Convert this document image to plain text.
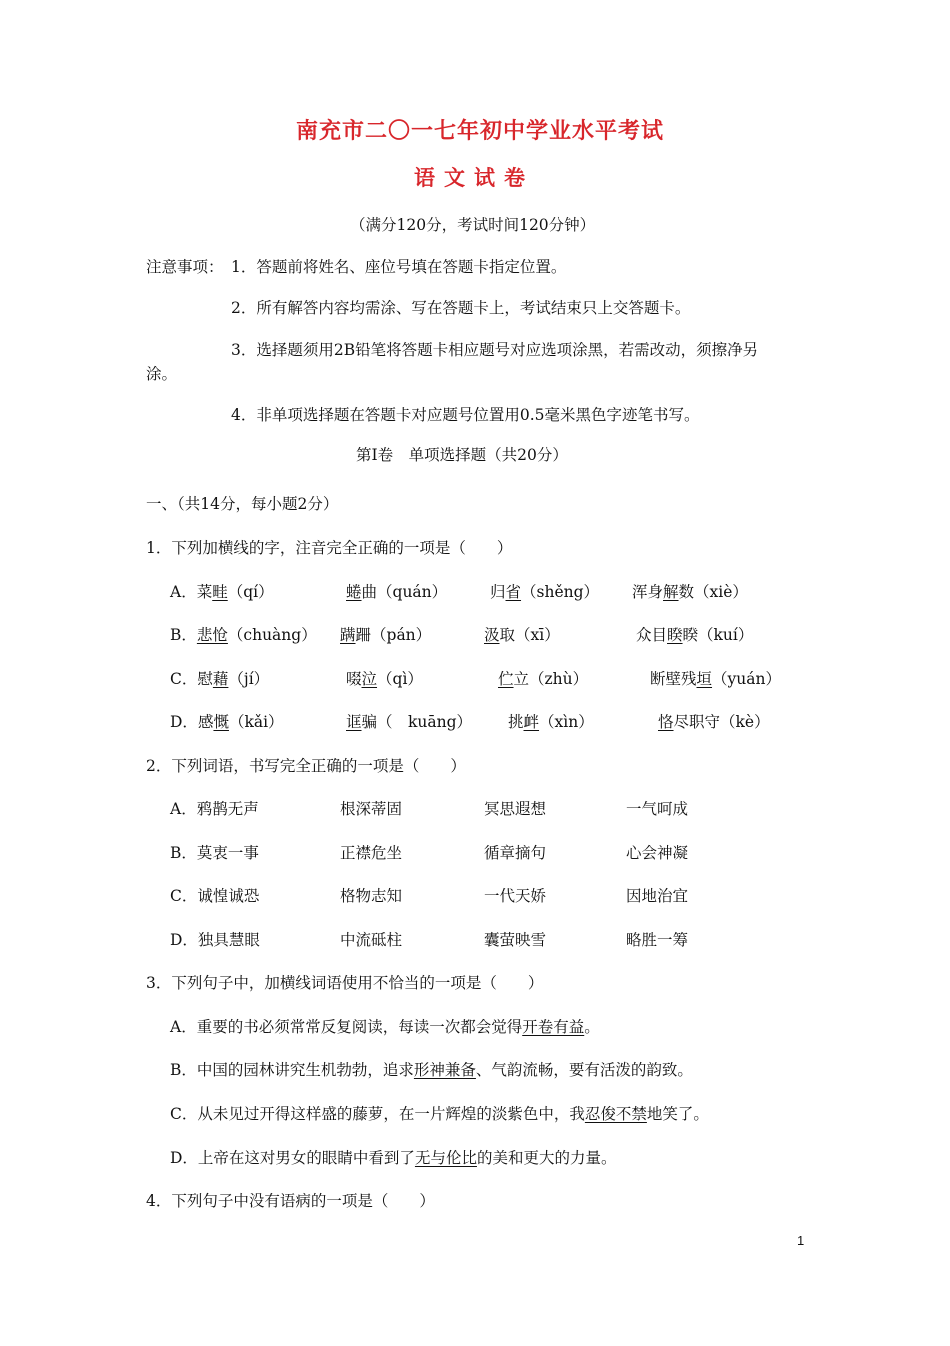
南充市二〇一七年初中学业水平考试
语文试卷
（满分120分，考试时间120分钟）
注意事项： 1．答题前将姓名、座位号填在答题卡指定位置。
2．所有解答内容均需涂、写在答题卡上，考试结束只上交答题卡。
3．选择题须用2B铅笔将答题卡相应题号对应选项涂黑，若需改动，须擦净另
涂。
4．非单项选择题在答题卡对应题号位置用0.5毫米黑色字迹笔书写。
第Ⅰ卷　单项选择题（共20分）
一、（共14分，每小题2分）
1．下列加横线的字，注音完全正确的一项是（　　）
A．菜畦（qí）	蜷曲（quán）	归省（shěng） 浑身解数（xiè）
B．悲怆（chuàng） 蹒跚（pán）	汲取（xī）	众目睽睽（kuí）
C．慰藉（jí）	啜泣（qì）	伫立（zhù）	断壁残垣（yuán）
D．感慨（kǎi）	诓骗（　kuāng） 挑衅（xìn）	恪尽职守（kè）
2．下列词语，书写完全正确的一项是（　　）
A．鸦鹊无声	根深蒂固	冥思遐想	一气呵成
B．莫衷一事	正襟危坐	循章摘句	心会神凝
C．诚惶诚恐	格物志知	一代天娇	因地治宜
D．独具慧眼	中流砥柱	囊萤映雪	略胜一筹
3．下列句子中，加横线词语使用不恰当的一项是（　　）
A．重要的书必须常常反复阅读，每读一次都会觉得开卷有益。
B．中国的园林讲究生机勃勃，追求形神兼备、气韵流畅，要有活泼的韵致。
C．从未见过开得这样盛的藤萝，在一片辉煌的淡紫色中，我忍俊不禁地笑了。
D．上帝在这对男女的眼睛中看到了无与伦比的美和更大的力量。
4．下列句子中没有语病的一项是（　　）
1
